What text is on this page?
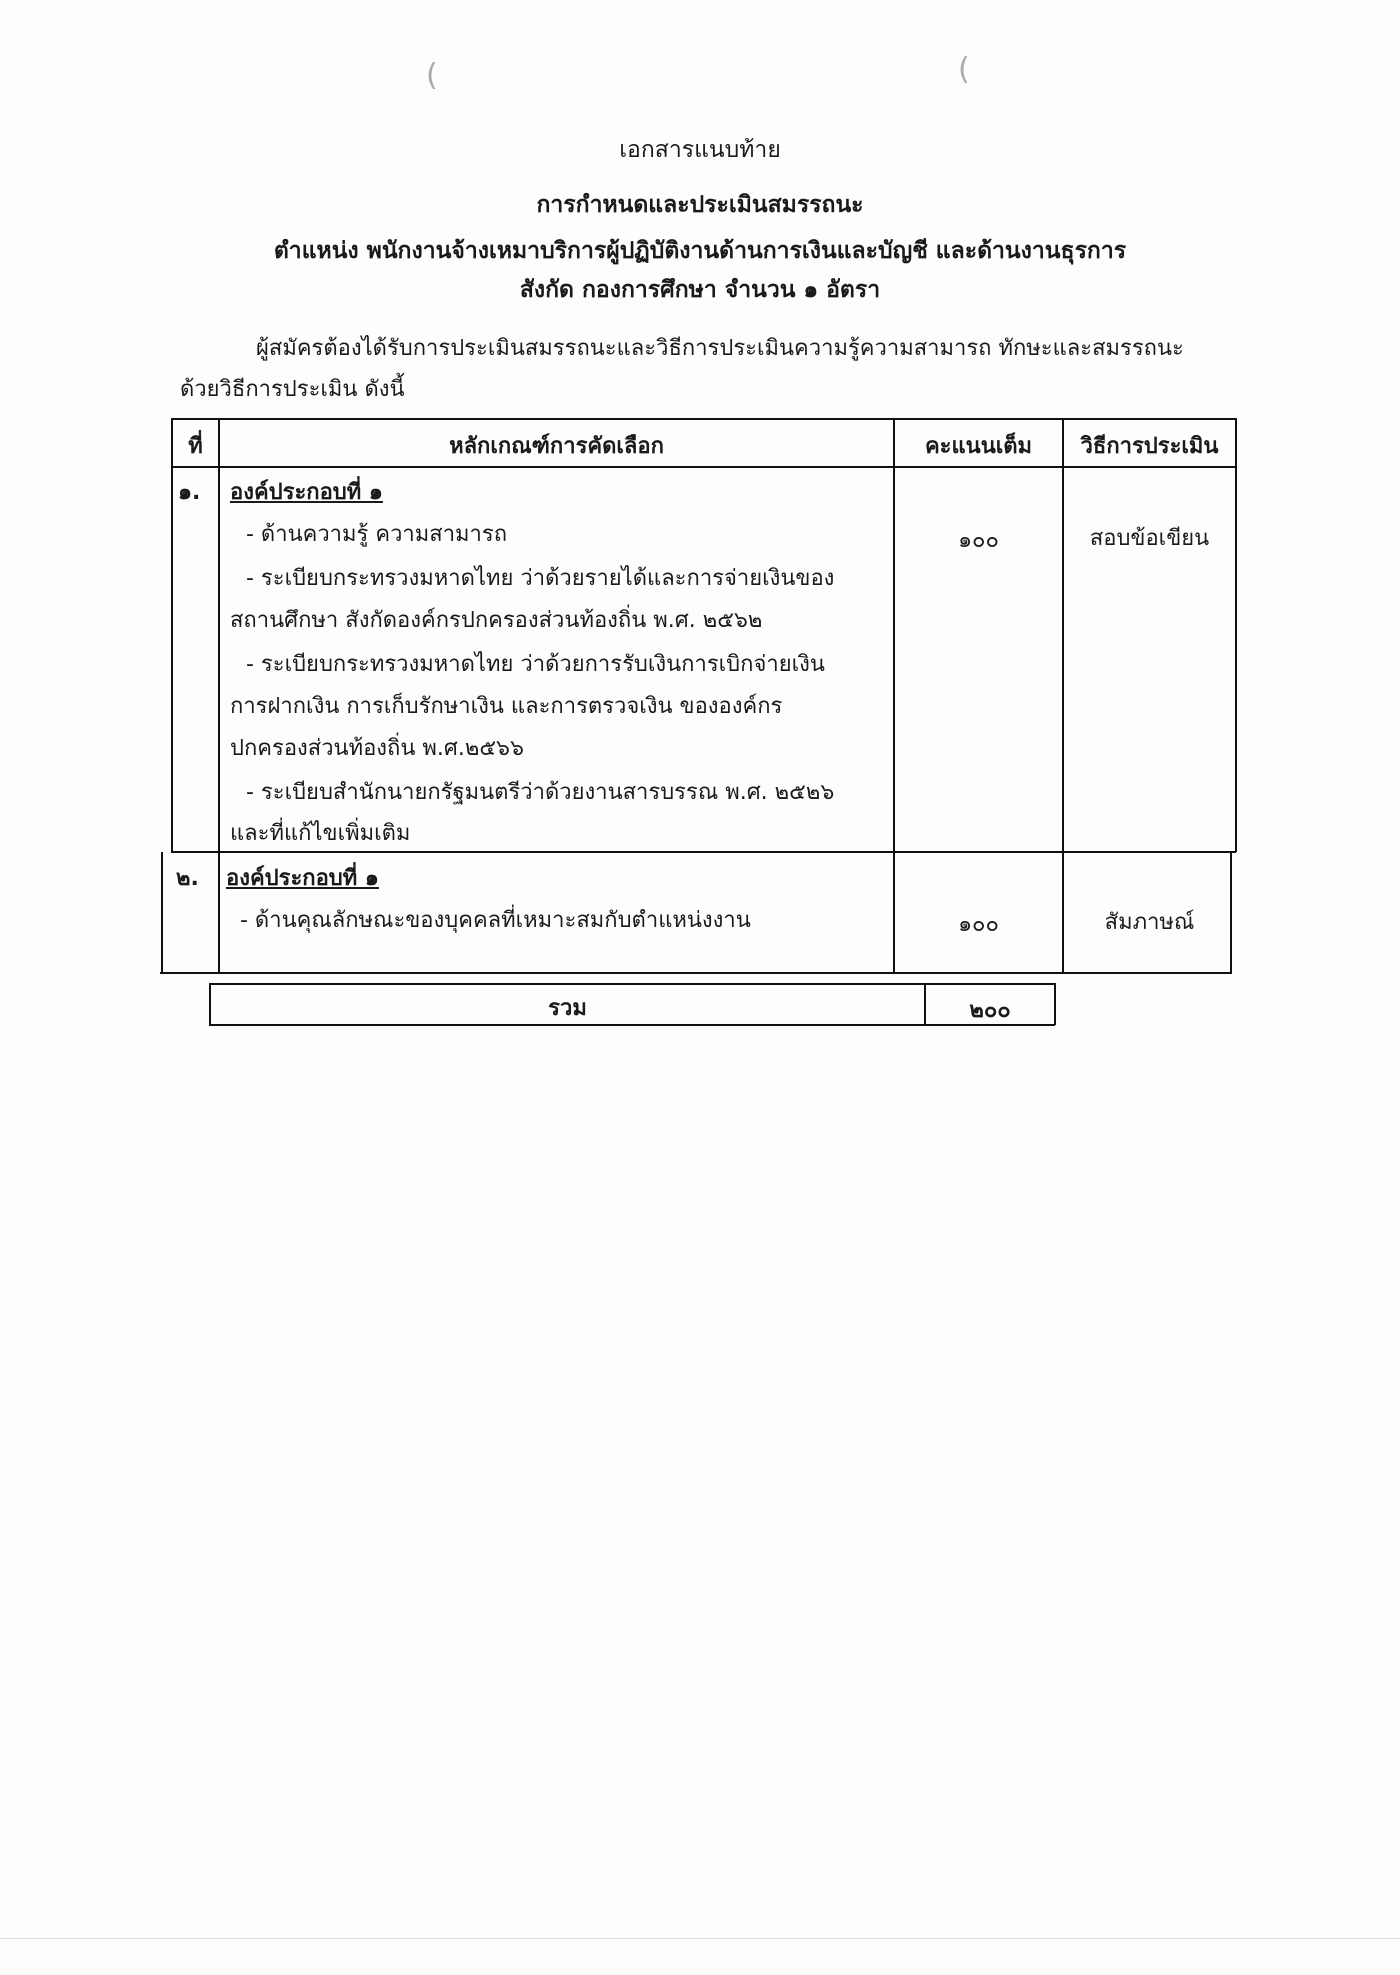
(	(
เอกสารแนบท้าย
การกำหนดและประเมินสมรรถนะ
ตำแหน่ง พนักงานจ้างเหมาบริการผู้ปฏิบัติงานด้านการเงินและบัญชี และด้านงานธุรการ
สังกัด กองการศึกษา จำนวน ๑ อัตรา
ผู้สมัครต้องได้รับการประเมินสมรรถนะและวิธีการประเมินความรู้ความสามารถ ทักษะและสมรรถนะ
ด้วยวิธีการประเมิน ดังนี้
ที่	หลักเกณฑ์การคัดเลือก	คะแนนเต็ม	วิธีการประเมิน
๑. องค์ประกอบที่ ๑
- ด้านความรู้ ความสามารถ
- ระเบียบกระทรวงมหาดไทย ว่าด้วยรายได้และการจ่ายเงินของ
สถานศึกษา สังกัดองค์กรปกครองส่วนท้องถิ่น พ.ศ. ๒๕๖๒
- ระเบียบกระทรวงมหาดไทย ว่าด้วยการรับเงินการเบิกจ่ายเงิน
การฝากเงิน การเก็บรักษาเงิน และการตรวจเงิน ขององค์กร
ปกครองส่วนท้องถิ่น พ.ศ.๒๕๖๖
- ระเบียบสำนักนายกรัฐมนตรีว่าด้วยงานสารบรรณ พ.ศ. ๒๕๒๖
และที่แก้ไขเพิ่มเติม
๑๐๐	สอบข้อเขียน
๒. องค์ประกอบที่ ๑
- ด้านคุณลักษณะของบุคคลที่เหมาะสมกับตำแหน่งงาน	๑๐๐	สัมภาษณ์
รวม	๒๐๐
